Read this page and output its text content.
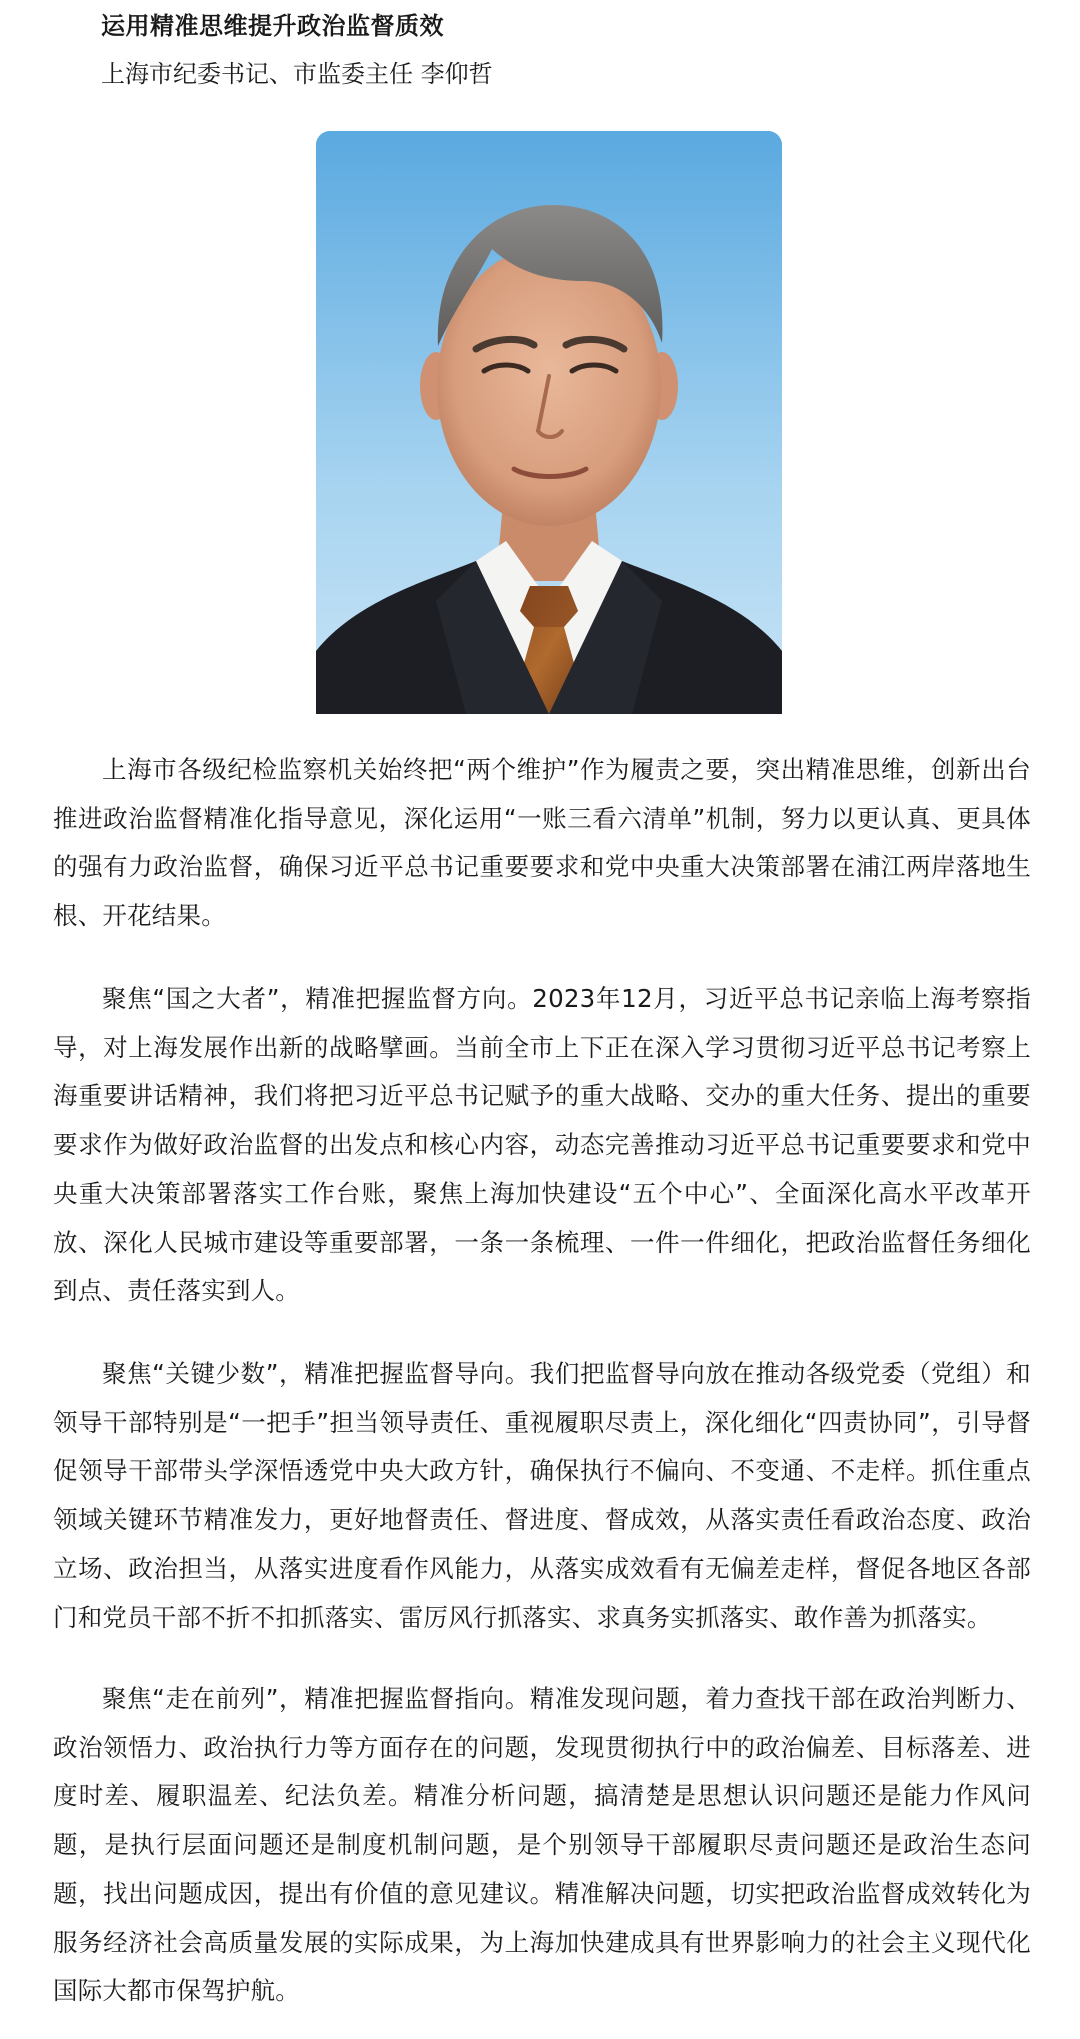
运用精准思维提升政治监督质效
上海市纪委书记、市监委主任 李仰哲

上海市各级纪检监察机关始终把“两个维护”作为履责之要，突出精准思维，创新出台推进政治监督精准化指导意见，深化运用“一账三看六清单”机制，努力以更认真、更具体的强有力政治监督，确保习近平总书记重要要求和党中央重大决策部署在浦江两岸落地生根、开花结果。

聚焦“国之大者”，精准把握监督方向。2023年12月，习近平总书记亲临上海考察指导，对上海发展作出新的战略擘画。当前全市上下正在深入学习贯彻习近平总书记考察上海重要讲话精神，我们将把习近平总书记赋予的重大战略、交办的重大任务、提出的重要要求作为做好政治监督的出发点和核心内容，动态完善推动习近平总书记重要要求和党中央重大决策部署落实工作台账，聚焦上海加快建设“五个中心”、全面深化高水平改革开放、深化人民城市建设等重要部署，一条一条梳理、一件一件细化，把政治监督任务细化到点、责任落实到人。

聚焦“关键少数”，精准把握监督导向。我们把监督导向放在推动各级党委（党组）和领导干部特别是“一把手”担当领导责任、重视履职尽责上，深化细化“四责协同”，引导督促领导干部带头学深悟透党中央大政方针，确保执行不偏向、不变通、不走样。抓住重点领域关键环节精准发力，更好地督责任、督进度、督成效，从落实责任看政治态度、政治立场、政治担当，从落实进度看作风能力，从落实成效看有无偏差走样，督促各地区各部门和党员干部不折不扣抓落实、雷厉风行抓落实、求真务实抓落实、敢作善为抓落实。

聚焦“走在前列”，精准把握监督指向。精准发现问题，着力查找干部在政治判断力、政治领悟力、政治执行力等方面存在的问题，发现贯彻执行中的政治偏差、目标落差、进度时差、履职温差、纪法负差。精准分析问题，搞清楚是思想认识问题还是能力作风问题，是执行层面问题还是制度机制问题，是个别领导干部履职尽责问题还是政治生态问题，找出问题成因，提出有价值的意见建议。精准解决问题，切实把政治监督成效转化为服务经济社会高质量发展的实际成果，为上海加快建成具有世界影响力的社会主义现代化国际大都市保驾护航。
